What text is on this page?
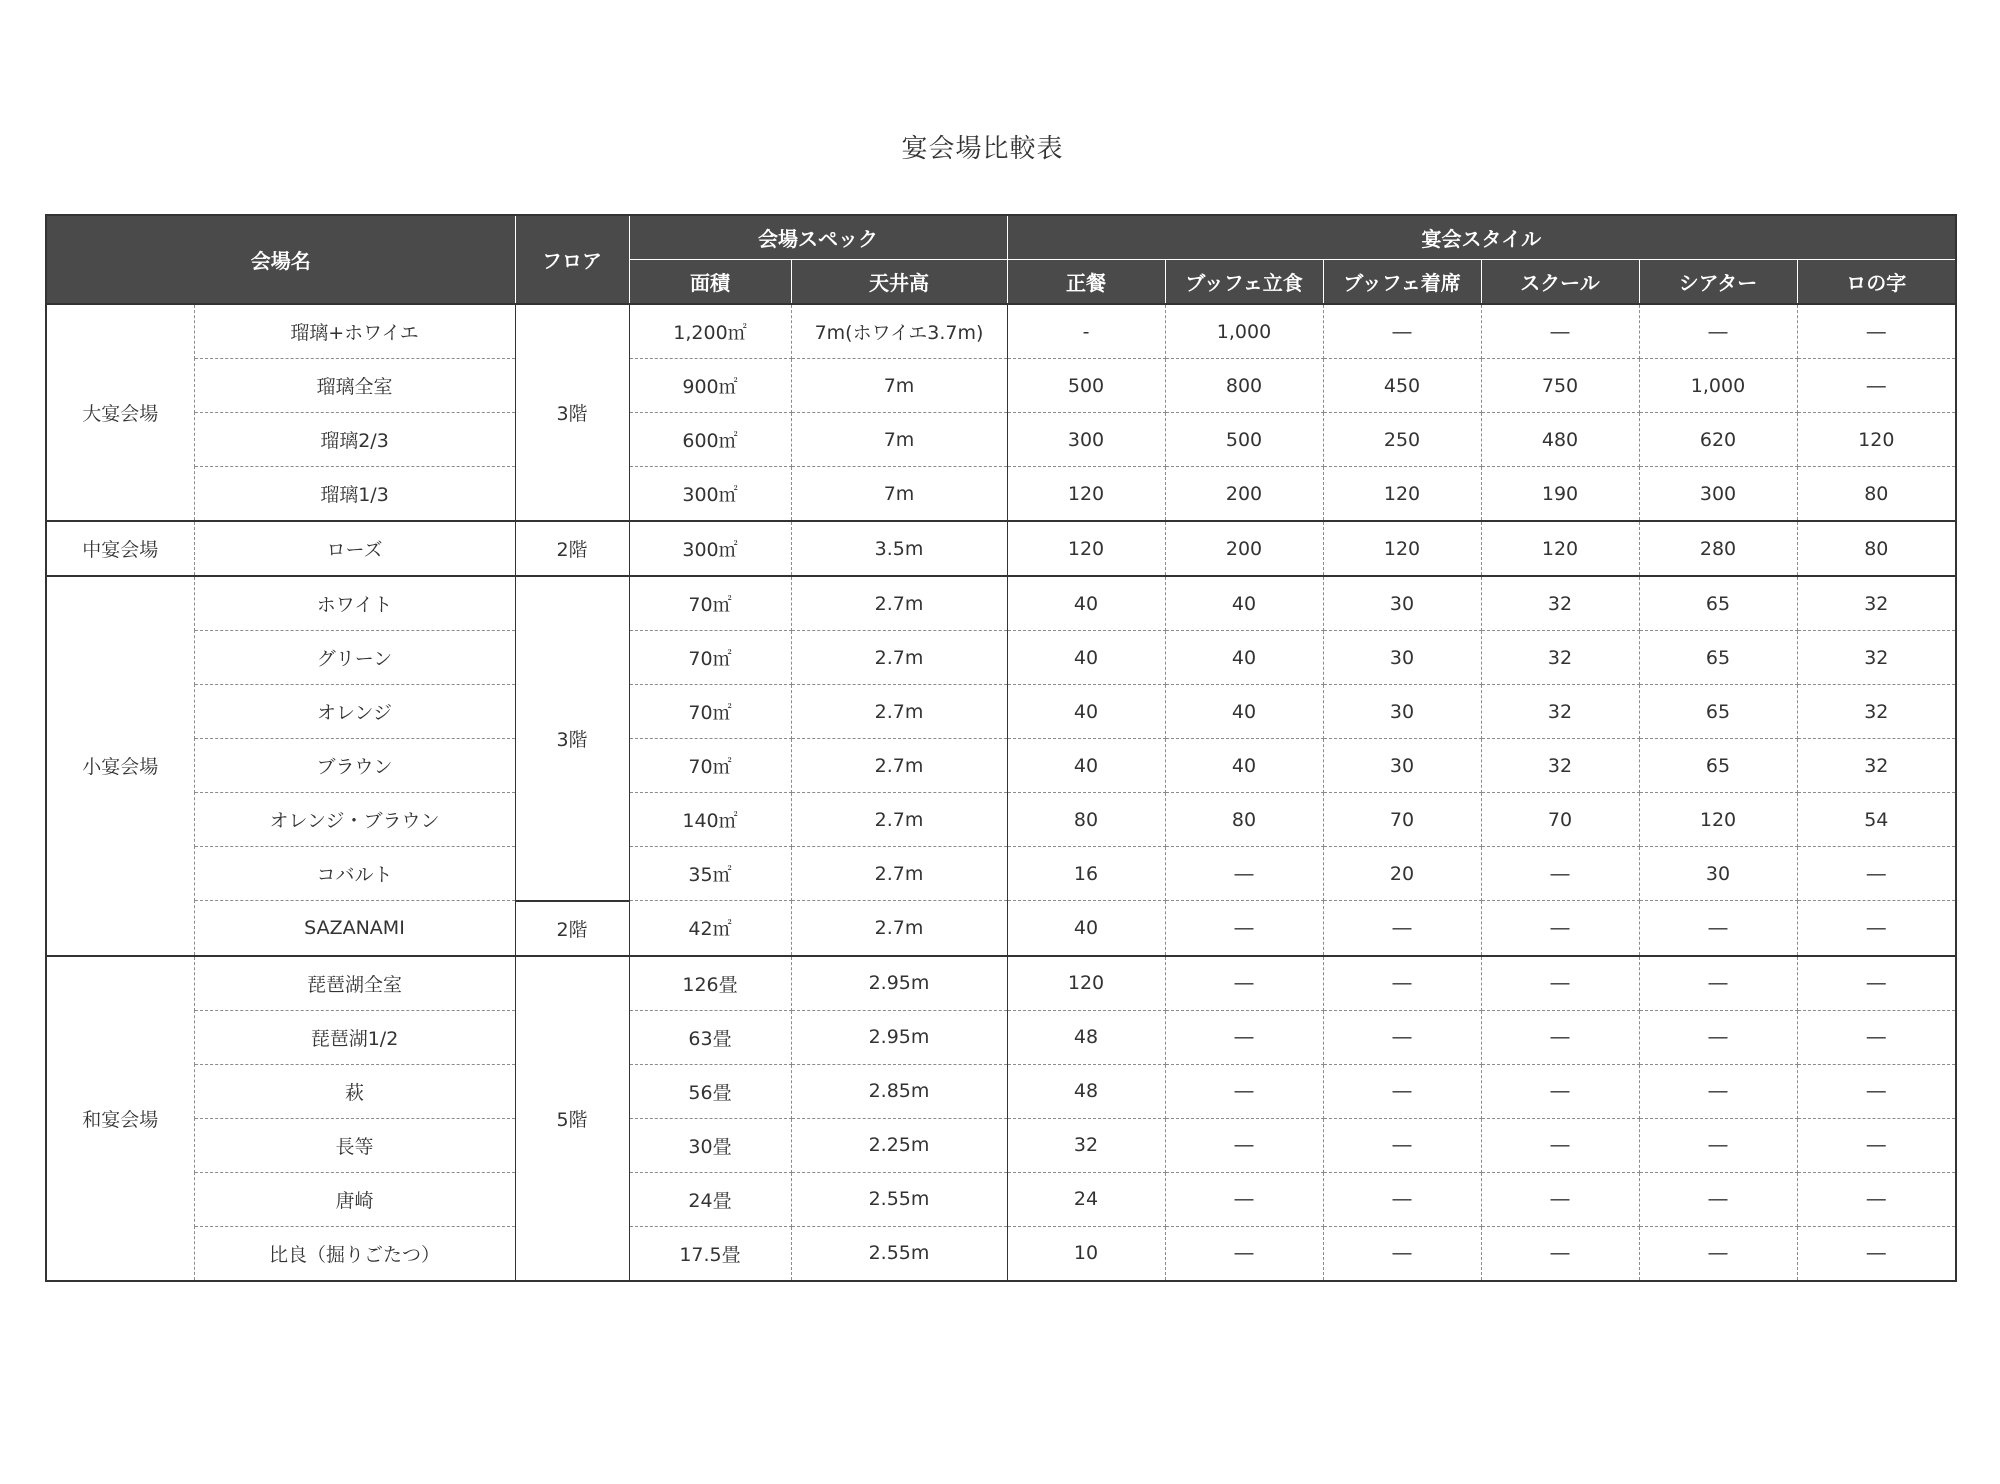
宴会場比較表
会場名		フロア	会場スペック		宴会スタイル					
			面積	天井高	正餐	ブッフェ立食	ブッフェ着席	スクール	シアター	ロの字
大宴会場	瑠璃+ホワイエ	3階	1,200㎡	7m(ホワイエ3.7m)	-	1,000	―	―	―	―
	瑠璃全室		900㎡	7m	500	800	450	750	1,000	―
	瑠璃2/3		600㎡	7m	300	500	250	480	620	120
	瑠璃1/3		300㎡	7m	120	200	120	190	300	80
中宴会場	ローズ	2階	300㎡	3.5m	120	200	120	120	280	80
小宴会場	ホワイト	3階	70㎡	2.7m	40	40	30	32	65	32
	グリーン		70㎡	2.7m	40	40	30	32	65	32
	オレンジ		70㎡	2.7m	40	40	30	32	65	32
	ブラウン		70㎡	2.7m	40	40	30	32	65	32
	オレンジ・ブラウン		140㎡	2.7m	80	80	70	70	120	54
	コバルト		35㎡	2.7m	16	―	20	―	30	―
	SAZANAMI	2階	42㎡	2.7m	40	―	―	―	―	―
和宴会場	琵琶湖全室	5階	126畳	2.95m	120	―	―	―	―	―
	琵琶湖1/2		63畳	2.95m	48	―	―	―	―	―
	萩		56畳	2.85m	48	―	―	―	―	―
	長等		30畳	2.25m	32	―	―	―	―	―
	唐崎		24畳	2.55m	24	―	―	―	―	―
	比良（掘りごたつ）		17.5畳	2.55m	10	―	―	―	―	―
